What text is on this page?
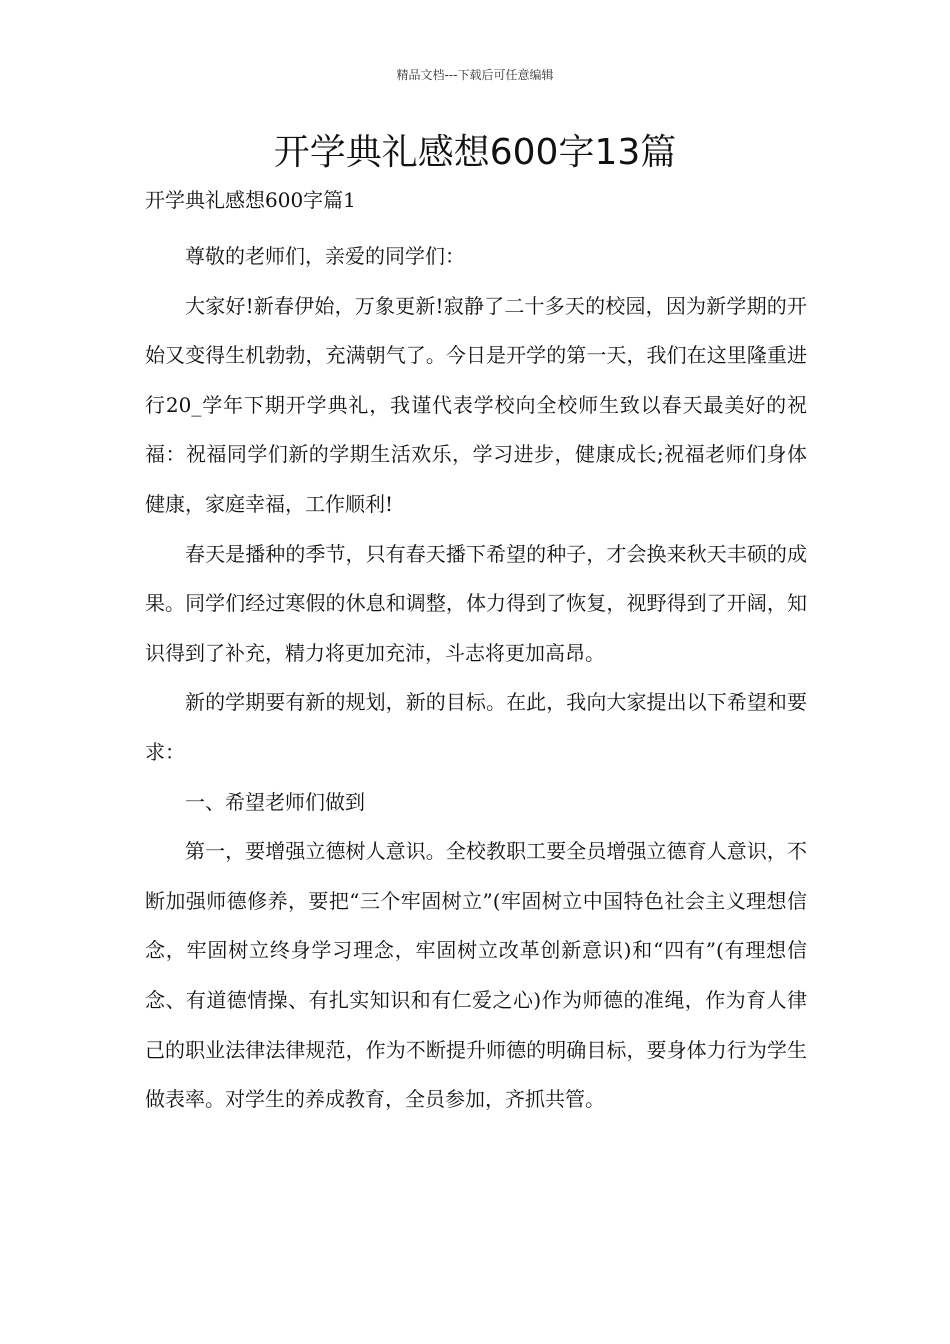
精品文档---下载后可任意编辑
开学典礼感想600字13篇
开学典礼感想600字篇1

尊敬的老师们，亲爱的同学们：

大家好!新春伊始，万象更新!寂静了二十多天的校园，因为新学期的开始又变得生机勃勃，充满朝气了。今日是开学的第一天，我们在这里隆重进行20_学年下期开学典礼，我谨代表学校向全校师生致以春天最美好的祝福：祝福同学们新的学期生活欢乐，学习进步，健康成长;祝福老师们身体健康，家庭幸福，工作顺利!

春天是播种的季节，只有春天播下希望的种子，才会换来秋天丰硕的成果。同学们经过寒假的休息和调整，体力得到了恢复，视野得到了开阔，知识得到了补充，精力将更加充沛，斗志将更加高昂。

新的学期要有新的规划，新的目标。在此，我向大家提出以下希望和要求：

一、希望老师们做到

第一，要增强立德树人意识。全校教职工要全员增强立德育人意识，不断加强师德修养，要把“三个牢固树立”(牢固树立中国特色社会主义理想信念，牢固树立终身学习理念，牢固树立改革创新意识)和“四有”(有理想信念、有道德情操、有扎实知识和有仁爱之心)作为师德的准绳，作为育人律己的职业法律法律规范，作为不断提升师德的明确目标，要身体力行为学生做表率。对学生的养成教育，全员参加，齐抓共管。
